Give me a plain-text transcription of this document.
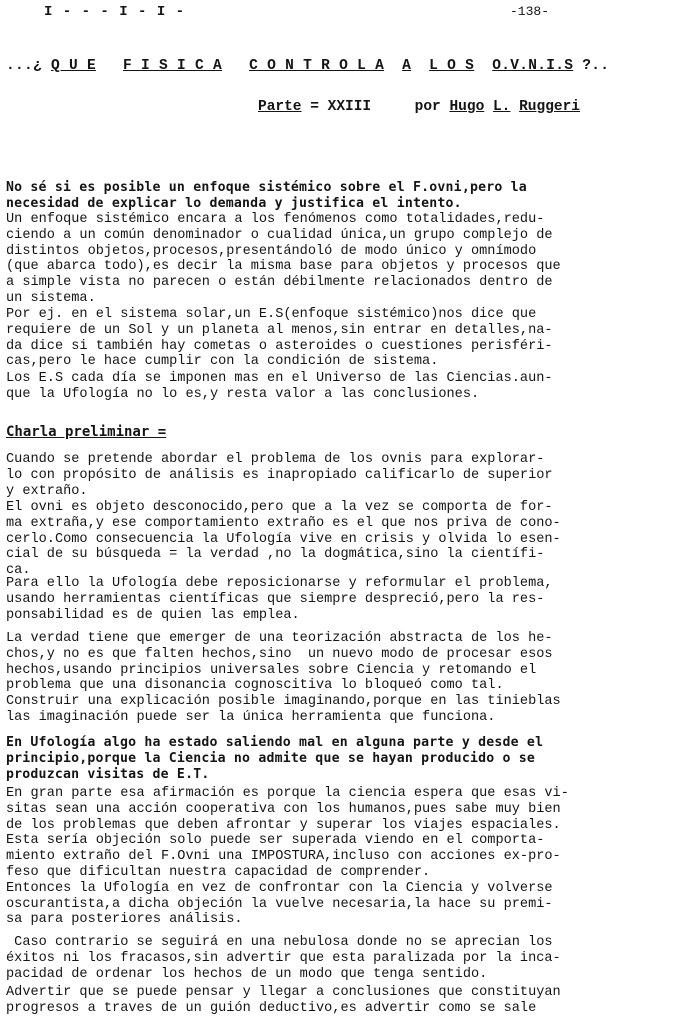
I - - - I - I -	-138-
...¿ Q U E F I S I C A C O N T R O L A A L O S O.V.N.I.S ?..
Parte = XXIII	por Hugo L. Ruggeri

No sé si es posible un enfoque sistémico sobre el F.ovni,pero la
necesidad de explicar lo demanda y justifica el intento.

Un enfoque sistémico encara a los fenómenos como totalidades,redu-
ciendo a un común denominador o cualidad única,un grupo complejo de
distintos objetos,procesos,presentándoló de modo único y omnímodo
(que abarca todo),es decir la misma base para objetos y procesos que
a simple vista no parecen o están débilmente relacionados dentro de
un sistema.

Por ej. en el sistema solar,un E.S(enfoque sistémico)nos dice que
requiere de un Sol y un planeta al menos,sin entrar en detalles,na-
da dice si también hay cometas o asteroides o cuestiones perisféri-
cas,pero le hace cumplir con la condición de sistema.

Los E.S cada día se imponen mas en el Universo de las Ciencias.aun-
que la Ufología no lo es,y resta valor a las conclusiones.

Charla preliminar =

Cuando se pretende abordar el problema de los ovnis para explorar-
lo con propósito de análisis es inapropiado calificarlo de superior
y extraño.

El ovni es objeto desconocido,pero que a la vez se comporta de for-
ma extraña,y ese comportamiento extraño es el que nos priva de cono-
cerlo.Como consecuencia la Ufología vive en crisis y olvida lo esen-
cial de su búsqueda = la verdad ,no la dogmática,sino la científi-
ca.

Para ello la Ufología debe reposicionarse y reformular el problema,
usando herramientas científicas que siempre despreció,pero la res-
ponsabilidad es de quien las emplea.

La verdad tiene que emerger de una teorización abstracta de los he-
chos,y no es que falten hechos,sino  un nuevo modo de procesar esos
hechos,usando principios universales sobre Ciencia y retomando el
problema que una disonancia cognoscitiva lo bloqueó como tal.
Construir una explicación posible imaginando,porque en las tinieblas
las imaginación puede ser la única herramienta que funciona.

En Ufología algo ha estado saliendo mal en alguna parte y desde el
principio,porque la Ciencia no admite que se hayan producido o se
produzcan visitas de E.T.

En gran parte esa afirmación es porque la ciencia espera que esas vi-
sitas sean una acción cooperativa con los humanos,pues sabe muy bien
de los problemas que deben afrontar y superar los viajes espaciales.
Esta sería objeción solo puede ser superada viendo en el comporta-
miento extraño del F.Ovni una IMPOSTURA,incluso con acciones ex-pro-
feso que dificultan nuestra capacidad de comprender.
Entonces la Ufología en vez de confrontar con la Ciencia y volverse
oscurantista,a dicha objeción la vuelve necesaria,la hace su premi-
sa para posteriores análisis.

Caso contrario se seguirá en una nebulosa donde no se aprecian los
éxitos ni los fracasos,sin advertir que esta paralizada por la inca-
pacidad de ordenar los hechos de un modo que tenga sentido.

Advertir que se puede pensar y llegar a conclusiones que constituyan
progresos a traves de un guión deductivo,es advertir como se sale
